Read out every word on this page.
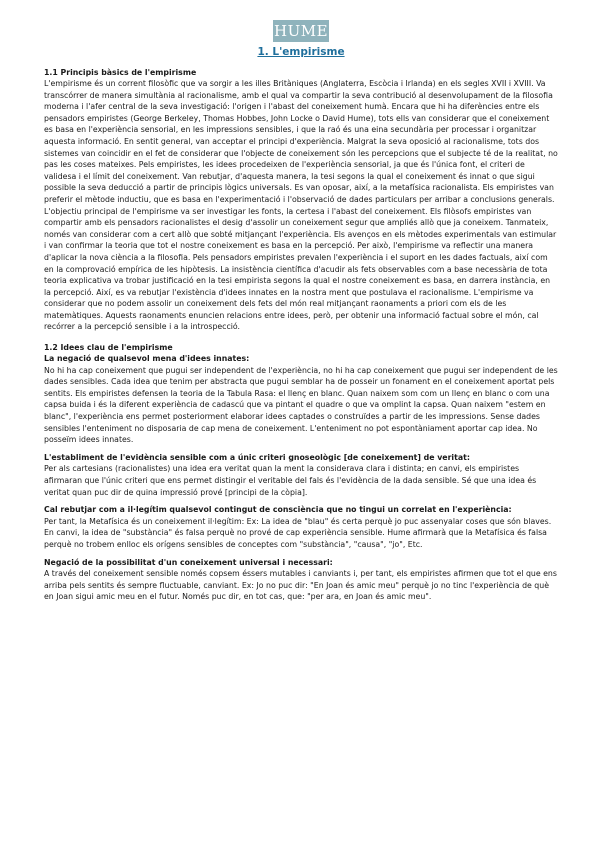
HUME
1. L'empirisme
1.1 Principis bàsics de l'empirisme

L'empirisme és un corrent filosòfic que va sorgir a les illes Britàniques (Anglaterra, Escòcia i Irlanda) en els segles XVII i XVIII. Va transcórrer de manera simultània al racionalisme, amb el qual va compartir la seva contribució al desenvolupament de la filosofia moderna i l'afer central de la seva investigació: l'origen i l'abast del coneixement humà. Encara que hi ha diferències entre els pensadors empiristes (George Berkeley, Thomas Hobbes, John Locke o David Hume), tots ells van considerar que el coneixement es basa en l'experiència sensorial, en les impressions sensibles, i que la raó és una eina secundària per processar i organitzar aquesta informació. En sentit general, van acceptar el principi d'experiència. Malgrat la seva oposició al racionalisme, tots dos sistemes van coincidir en el fet de considerar que l'objecte de coneixement són les percepcions que el subjecte té de la realitat, no pas les coses mateixes. Pels empiristes, les idees procedeixen de l'experiència sensorial, ja que és l'única font, el criteri de validesa i el límit del coneixement. Van rebutjar, d'aquesta manera, la tesi segons la qual el coneixement és innat o que sigui possible la seva deducció a partir de principis lògics universals. Es van oposar, així, a la metafísica racionalista. Els empiristes van preferir el mètode inductiu, que es basa en l'experimentació i l'observació de dades particulars per arribar a conclusions generals.

L'objectiu principal de l'empirisme va ser investigar les fonts, la certesa i l'abast del coneixement. Els filòsofs empiristes van compartir amb els pensadors racionalistes el desig d'assolir un coneixement segur que ampliés allò que ja coneixem. Tanmateix, només van considerar com a cert allò que sobté mitjançant l'experiència. Els avenços en els mètodes experimentals van estimular i van confirmar la teoria que tot el nostre coneixement es basa en la percepció. Per això, l'empirisme va reflectir una manera d'aplicar la nova ciència a la filosofia. Pels pensadors empiristes prevalen l'experiència i el suport en les dades factuals, així com en la comprovació empírica de les hipòtesis. La insistència científica d'acudir als fets observables com a base necessària de tota teoria explicativa va trobar justificació en la tesi empirista segons la qual el nostre coneixement es basa, en darrera instància, en la percepció. Així, es va rebutjar l'existència d'idees innates en la nostra ment que postulava el racionalisme. L'empirisme va considerar que no podem assolir un coneixement dels fets del món real mitjançant raonaments a priori com els de les matemàtiques. Aquests raonaments enuncien relacions entre idees, però, per obtenir una informació factual sobre el món, cal recórrer a la percepció sensible i a la introspecció.

1.2 Idees clau de l'empirisme
La negació de qualsevol mena d'idees innates:

No hi ha cap coneixement que pugui ser independent de l'experiència, no hi ha cap coneixement que pugui ser independent de les dades sensibles. Cada idea que tenim per abstracta que pugui semblar ha de posseir un fonament en el coneixement aportat pels sentits. Els empiristes defensen la teoria de la Tabula Rasa: el llenç en blanc. Quan naixem som com un llenç en blanc o com una capsa buida i és la diferent experiència de cadascú que va pintant el quadre o que va omplint la capsa. Quan naixem "estem en blanc", l'experiència ens permet posteriorment elaborar idees captades o construïdes a partir de les impressions. Sense dades sensibles l'enteniment no disposaria de cap mena de coneixement. L'enteniment no pot espontàniament aportar cap idea. No posseïm idees innates.

L'establiment de l'evidència sensible com a únic criteri gnoseològic [de coneixement] de veritat:

Per als cartesians (racionalistes) una idea era veritat quan la ment la considerava clara i distinta; en canvi, els empiristes afirmaran que l'únic criteri que ens permet distingir el veritable del fals és l'evidència de la dada sensible. Sé que una idea és veritat quan puc dir de quina impressió prové [principi de la còpia].

Cal rebutjar com a il·legítim qualsevol contingut de consciència que no tingui un correlat en l'experiència:

Per tant, la Metafísica és un coneixement il·legítim: Ex: La idea de "blau" és certa perquè jo puc assenyalar coses que són blaves. En canvi, la idea de "substància" és falsa perquè no prové de cap experiència sensible. Hume afirmarà que la Metafísica és falsa perquè no trobem enlloc els orígens sensibles de conceptes com "substància", "causa", "jo", Etc.

Negació de la possibilitat d'un coneixement universal i necessari:

A través del coneixement sensible només copsem éssers mutables i canviants i, per tant, els empiristes afirmen que tot el que ens arriba pels sentits és sempre fluctuable, canviant. Ex: Jo no puc dir: "En Joan és amic meu" perquè jo no tinc l'experiència de què en Joan sigui amic meu en el futur. Només puc dir, en tot cas, que: "per ara, en Joan és amic meu".
